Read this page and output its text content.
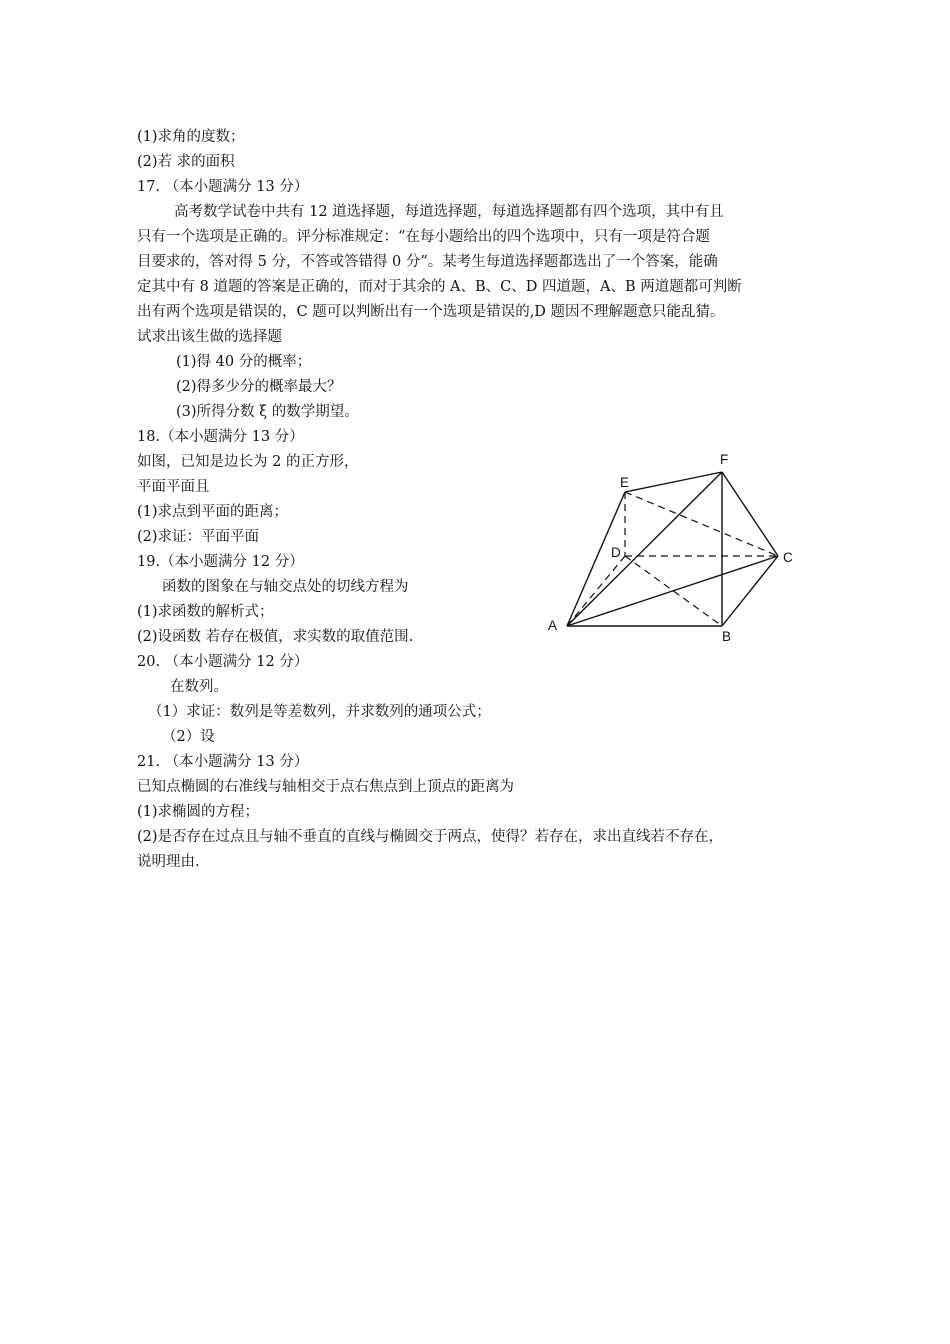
(1)求角的度数；
(2)若 求的面积
17. （本小题满分 13 分）
高考数学试卷中共有 12 道选择题，每道选择题，每道选择题都有四个选项，其中有且
只有一个选项是正确的。评分标准规定：“在每小题给出的四个选项中，只有一项是符合题
目要求的，答对得 5 分，不答或答错得 0 分”。某考生每道选择题都选出了一个答案，能确
定其中有 8 道题的答案是正确的，而对于其余的 A、B、C、D 四道题，A、B 两道题都可判断
出有两个选项是错误的，C 题可以判断出有一个选项是错误的,D 题因不理解题意只能乱猜。
试求出该生做的选择题
(1)得 40 分的概率；
(2)得多少分的概率最大？
(3)所得分数 ξ 的数学期望。
18.（本小题满分 13 分）
如图，已知是边长为 2 的正方形，
平面平面且
(1)求点到平面的距离；
(2)求证：平面平面
19.（本小题满分 12 分）
函数的图象在与轴交点处的切线方程为
(1)求函数的解析式；
(2)设函数 若存在极值，求实数的取值范围.
20. （本小题满分 12 分）
在数列。
（1）求证：数列是等差数列，并求数列的通项公式；
（2）设
21. （本小题满分 13 分）
已知点椭圆的右准线与轴相交于点右焦点到上顶点的距离为
(1)求椭圆的方程；
(2)是否存在过点且与轴不垂直的直线与椭圆交于两点，使得？若存在，求出直线若不存在，
说明理由.
A
B
C
D
E
F
